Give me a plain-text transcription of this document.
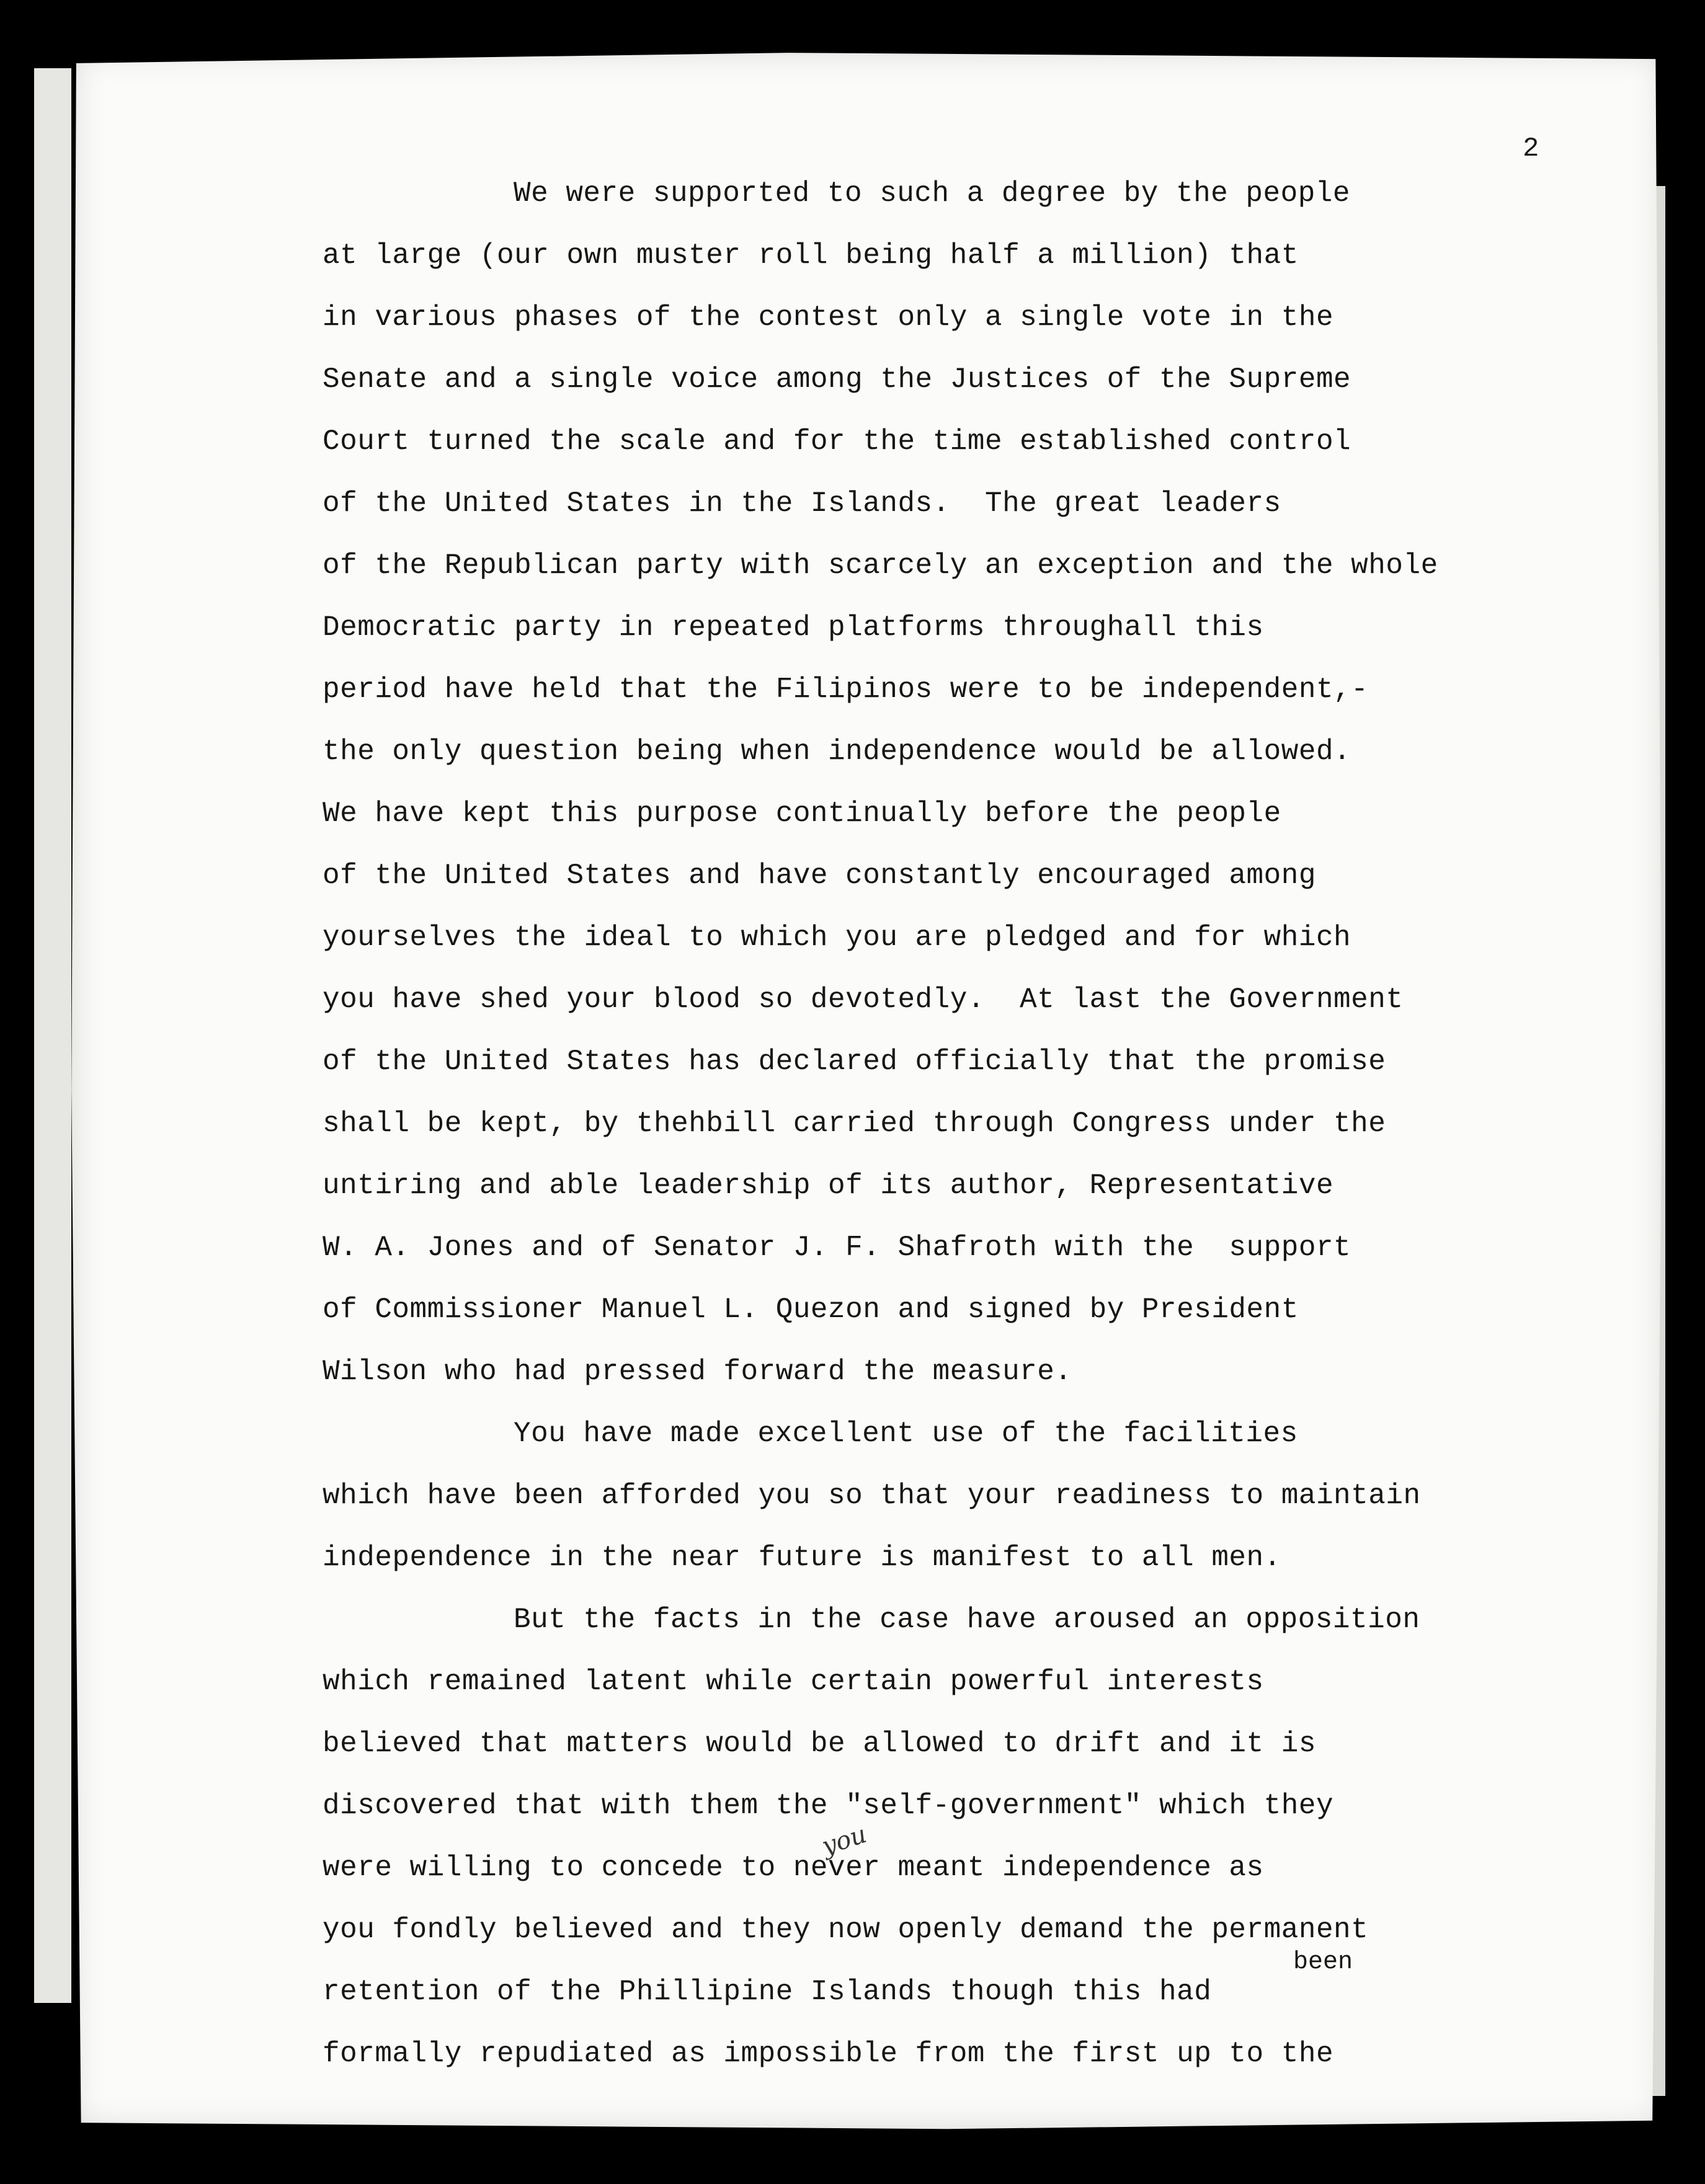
2
We were supported to such a degree by the people
at large (our own muster roll being half a million) that
in various phases of the contest only a single vote in the
Senate and a single voice among the Justices of the Supreme
Court turned the scale and for the time established control
of the United States in the Islands.  The great leaders
of the Republican party with scarcely an exception and the whole
Democratic party in repeated platforms throughall this
period have held that the Filipinos were to be independent,-
the only question being when independence would be allowed.
We have kept this purpose continually before the people
of the United States and have constantly encouraged among
yourselves the ideal to which you are pledged and for which
you have shed your blood so devotedly.  At last the Government
of the United States has declared officially that the promise
shall be kept, by thehbill carried through Congress under the
untiring and able leadership of its author, Representative
W. A. Jones and of Senator J. F. Shafroth with the  support
of Commissioner Manuel L. Quezon and signed by President
Wilson who had pressed forward the measure.
You have made excellent use of the facilities
which have been afforded you so that your readiness to maintain
independence in the near future is manifest to all men.
But the facts in the case have aroused an opposition
which remained latent while certain powerful interests
believed that matters would be allowed to drift and it is
discovered that with them the "self-government" which they
were willing to concede to never meant independence as
you fondly believed and they now openly demand the permanent
retention of the Phillipine Islands though this had
formally repudiated as impossible from the first up to the
been
you
